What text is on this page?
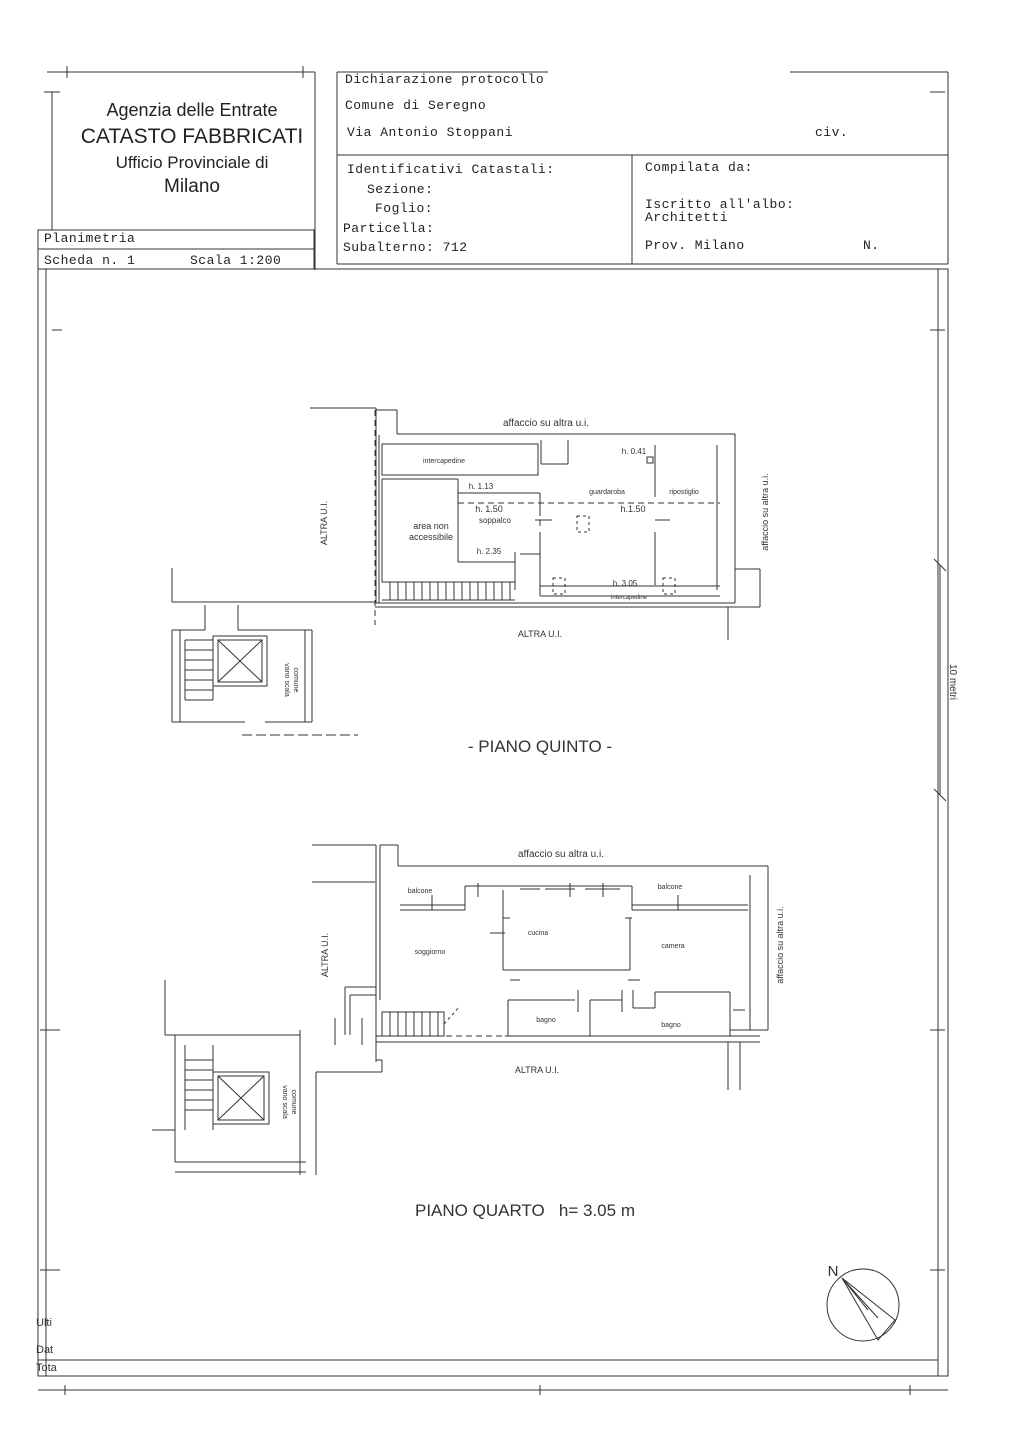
Agenzia delle Entrate
CATASTO FABBRICATI
Ufficio Provinciale di
Milano
Dichiarazione protocollo
Comune di Seregno
Via Antonio Stoppani	civ.
Identificativi Catastali:
Sezione:
Foglio:
Particella:
Subalterno: 712
Compilata da:
Iscritto all'albo:
Architetti
Prov. Milano	N.
Planimetria
Scheda n. 1	Scala 1:200
affaccio su altra u.i.
intercapedine
h. 0.41
h. 1.13
guardaroba	ripostiglio
h. 1.50	h.1.50
soppalco
area non
accessibile
h. 2.35
h. 3.05
intercapedine
ALTRA U.I.
ALTRA U.I.	affaccio su altra u.i.
vano scala comune
- PIANO QUINTO -
affaccio su altra u.i.
balcone
balcone
cucina
camera
soggiorno
bagno
bagno
ALTRA U.I.
ALTRA U.I.	affaccio su altra u.i.
vano scala comune
PIANO QUARTO   h= 3.05 m
10 metri
N
Ulti
Dat
Tota
